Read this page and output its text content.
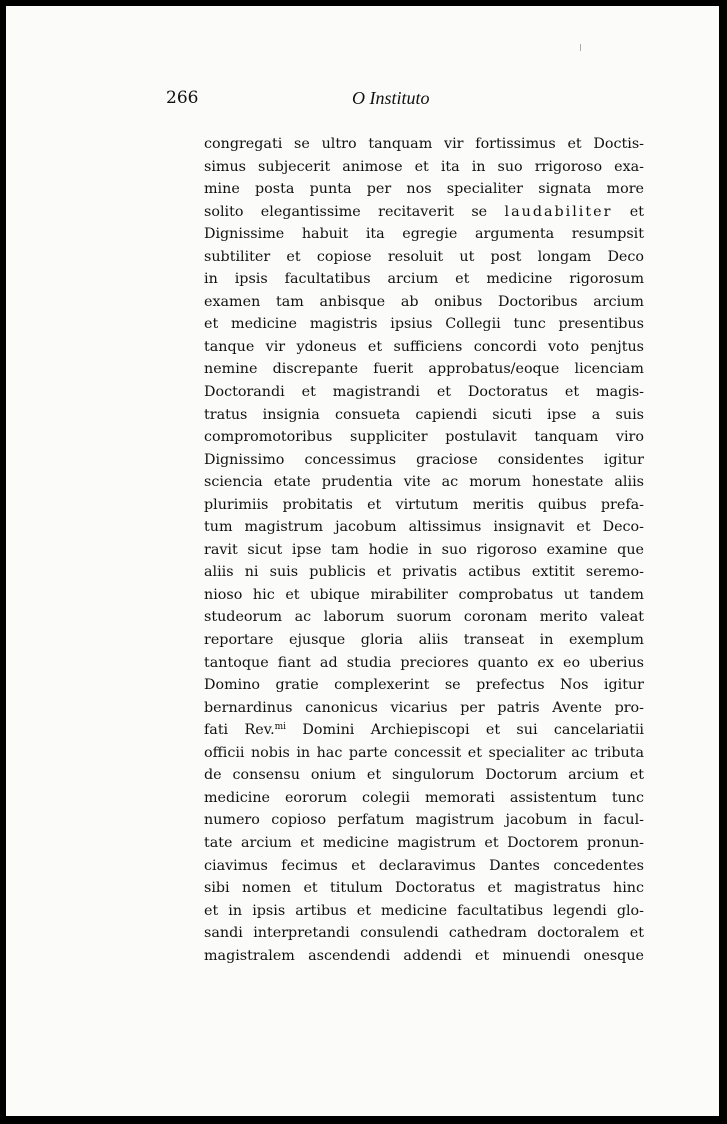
266	O Instituto
congregati se ultro tanquam vir fortissimus et Doctis-
simus subjecerit animose et ita in suo rrigoroso exa-
mine posta punta per nos specialiter signata more
solito elegantissime recitaverit se laudabiliter et
Dignissime habuit ita egregie argumenta resumpsit
subtiliter et copiose resoluit ut post longam Deco
in ipsis facultatibus arcium et medicine rigorosum
examen tam anbisque ab onibus Doctoribus arcium
et medicine magistris ipsius Collegii tunc presentibus
tanque vir ydoneus et sufficiens concordi voto penjtus
nemine discrepante fuerit approbatus/eoque licenciam
Doctorandi et magistrandi et Doctoratus et magis-
tratus insignia consueta capiendi sicuti ipse a suis
compromotoribus suppliciter postulavit tanquam viro
Dignissimo concessimus graciose considentes igitur
sciencia etate prudentia vite ac morum honestate aliis
plurimiis probitatis et virtutum meritis quibus prefa-
tum magistrum jacobum altissimus insignavit et Deco-
ravit sicut ipse tam hodie in suo rigoroso examine que
aliis ni suis publicis et privatis actibus extitit seremo-
nioso hic et ubique mirabiliter comprobatus ut tandem
studeorum ac laborum suorum coronam merito valeat
reportare ejusque gloria aliis transeat in exemplum
tantoque fiant ad studia preciores quanto ex eo uberius
Domino gratie complexerint se prefectus Nos igitur
bernardinus canonicus vicarius per patris Avente pro-
fati Rev.$^{mi}$ Domini Archiepiscopi et sui cancelariatii
officii nobis in hac parte concessit et specialiter ac tributa
de consensu onium et singulorum Doctorum arcium et
medicine eororum colegii memorati assistentum tunc
numero copioso perfatum magistrum jacobum in facul-
tate arcium et medicine magistrum et Doctorem pronun-
ciavimus fecimus et declaravimus Dantes concedentes
sibi nomen et titulum Doctoratus et magistratus hinc
et in ipsis artibus et medicine facultatibus legendi glo-
sandi interpretandi consulendi cathedram doctoralem et
magistralem ascendendi addendi et minuendi onesque
